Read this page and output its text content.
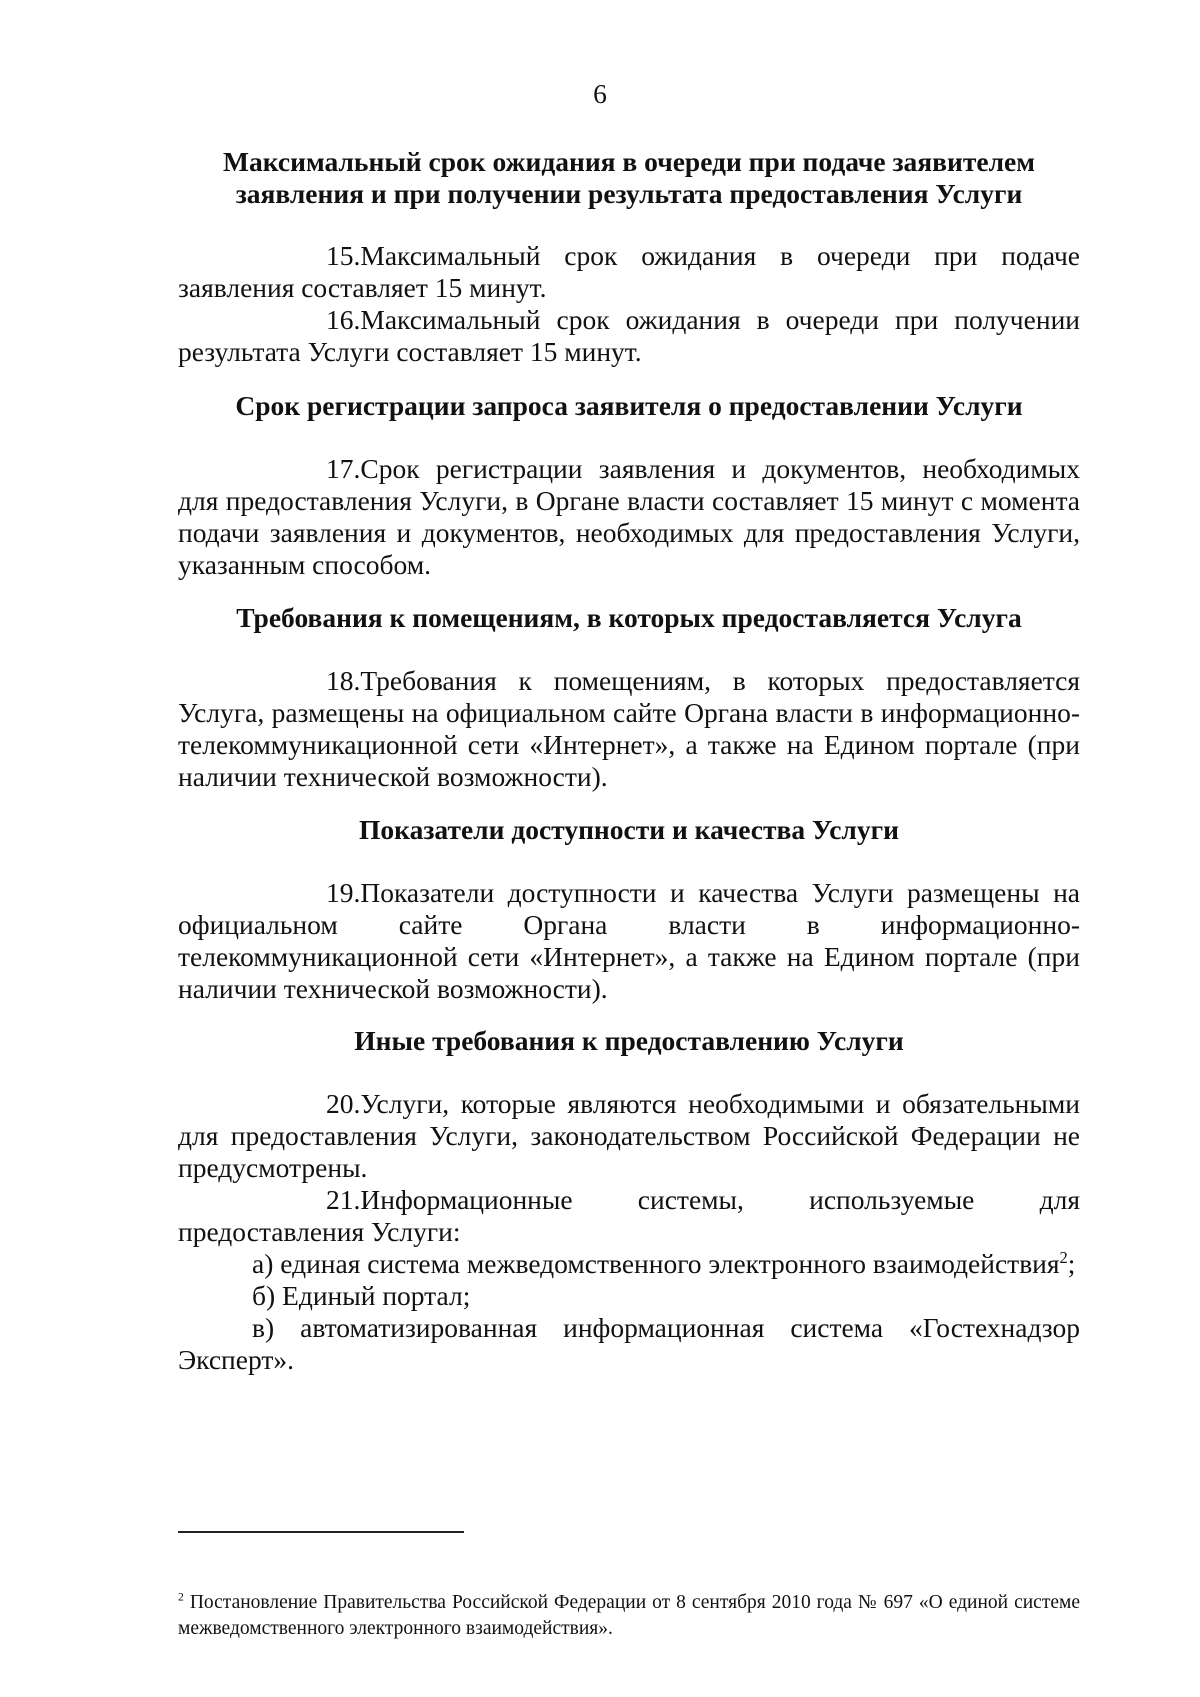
6

Максимальный срок ожидания в очереди при подаче заявителем
заявления и при получении результата предоставления Услуги

15.Максимальный срок ожидания в очереди при подаче заявления составляет 15 минут.

16.Максимальный срок ожидания в очереди при получении результата Услуги составляет 15 минут.

Срок регистрации запроса заявителя о предоставлении Услуги

17.Срок регистрации заявления и документов, необходимых для предоставления Услуги, в Органе власти составляет 15 минут с момента подачи заявления и документов, необходимых для предоставления Услуги, указанным способом.

Требования к помещениям, в которых предоставляется Услуга

18.Требования к помещениям, в которых предоставляется Услуга, размещены на официальном сайте Органа власти в информационно-телекоммуникационной сети «Интернет», а также на Едином портале (при наличии технической возможности).

Показатели доступности и качества Услуги

19.Показатели доступности и качества Услуги размещены на официальном сайте Органа власти в информационно-телекоммуникационной сети «Интернет», а также на Едином портале (при наличии технической возможности).

Иные требования к предоставлению Услуги

20.Услуги, которые являются необходимыми и обязательными для предоставления Услуги, законодательством Российской Федерации не предусмотрены.

21.Информационные системы, используемые для предоставления Услуги:

а) единая система межведомственного электронного взаимодействия$^2$;

б) Единый портал;

в) автоматизированная информационная система «Гостехнадзор Эксперт».

$^2$ Постановление Правительства Российской Федерации от 8 сентября 2010 года № 697 «О единой системе межведомственного электронного взаимодействия».
